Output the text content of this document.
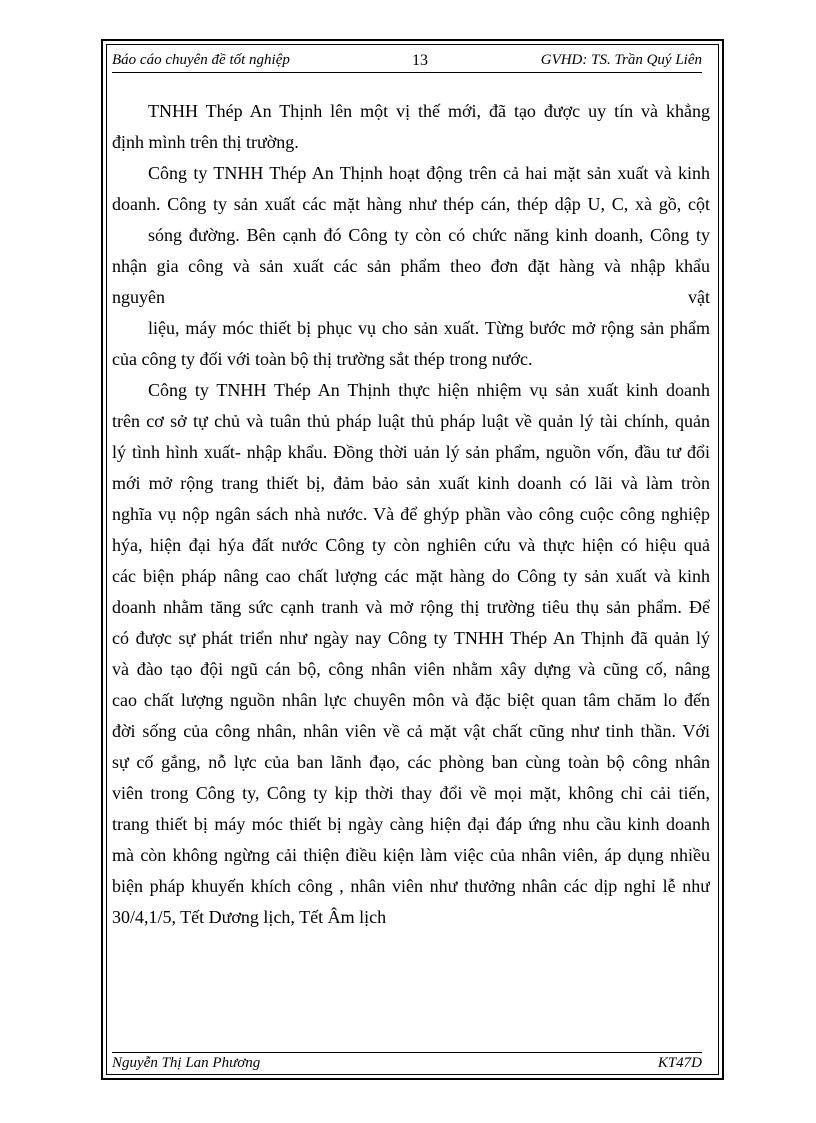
Báo cáo chuyên đề tốt nghiệp	13	GVHD: TS. Trần Quý Liên
TNHH Thép An Thịnh lên một vị thế mới, đã tạo được uy tín và khẳng
định mình trên thị trường.
Công ty TNHH Thép An Thịnh hoạt động trên cả hai mặt sản xuất và kinh
doanh. Công ty sản xuất các mặt hàng như thép cán, thép dập U, C, xà gồ, cột
sóng đường. Bên cạnh đó Công ty còn có chức năng kinh doanh, Công ty
nhận gia công và sản xuất các sản phẩm theo đơn đặt hàng và nhập khẩu
nguyên vật
liệu, máy móc thiết bị phục vụ cho sản xuất. Từng bước mở rộng sản phẩm
của công ty đối với toàn bộ thị trường sắt thép trong nước.
Công ty TNHH Thép An Thịnh thực hiện nhiệm vụ sản xuất kinh doanh
trên cơ sở tự chủ và tuân thủ pháp luật thủ pháp luật về quản lý tài chính, quản
lý tình hình xuất- nhập khẩu. Đồng thời uản lý sản phẩm, nguồn vốn, đầu tư đổi
mới mở rộng trang thiết bị, đảm bảo sản xuất kinh doanh có lãi và làm tròn
nghĩa vụ nộp ngân sách nhà nước. Và để ghýp phần vào công cuộc công nghiệp
hýa, hiện đại hýa đất nước Công ty còn nghiên cứu và thực hiện có hiệu quả
các biện pháp nâng cao chất lượng các mặt hàng do Công ty sản xuất và kinh
doanh nhằm tăng sức cạnh tranh và mở rộng thị trường tiêu thụ sản phẩm. Để
có được sự phát triển như ngày nay Công ty TNHH Thép An Thịnh đã quản lý
và đào tạo đội ngũ cán bộ, công nhân viên nhằm xây dựng và cũng cố, nâng
cao chất lượng nguồn nhân lực chuyên môn và đặc biệt quan tâm chăm lo đến
đời sống của công nhân, nhân viên về cả mặt vật chất cũng như tinh thần. Với
sự cố gắng, nỗ lực của ban lãnh đạo, các phòng ban cùng toàn bộ công nhân
viên trong Công ty, Công ty kịp thời thay đổi về mọi mặt, không chỉ cải tiến,
trang thiết bị máy móc thiết bị ngày càng hiện đại đáp ứng nhu cầu kinh doanh
mà còn không ngừng cải thiện điều kiện làm việc của nhân viên, áp dụng nhiều
biện pháp khuyến khích công , nhân viên như thưởng nhân các dịp nghỉ lễ như
30/4,1/5, Tết Dương lịch, Tết Âm lịch
Nguyễn Thị Lan Phương	KT47D
